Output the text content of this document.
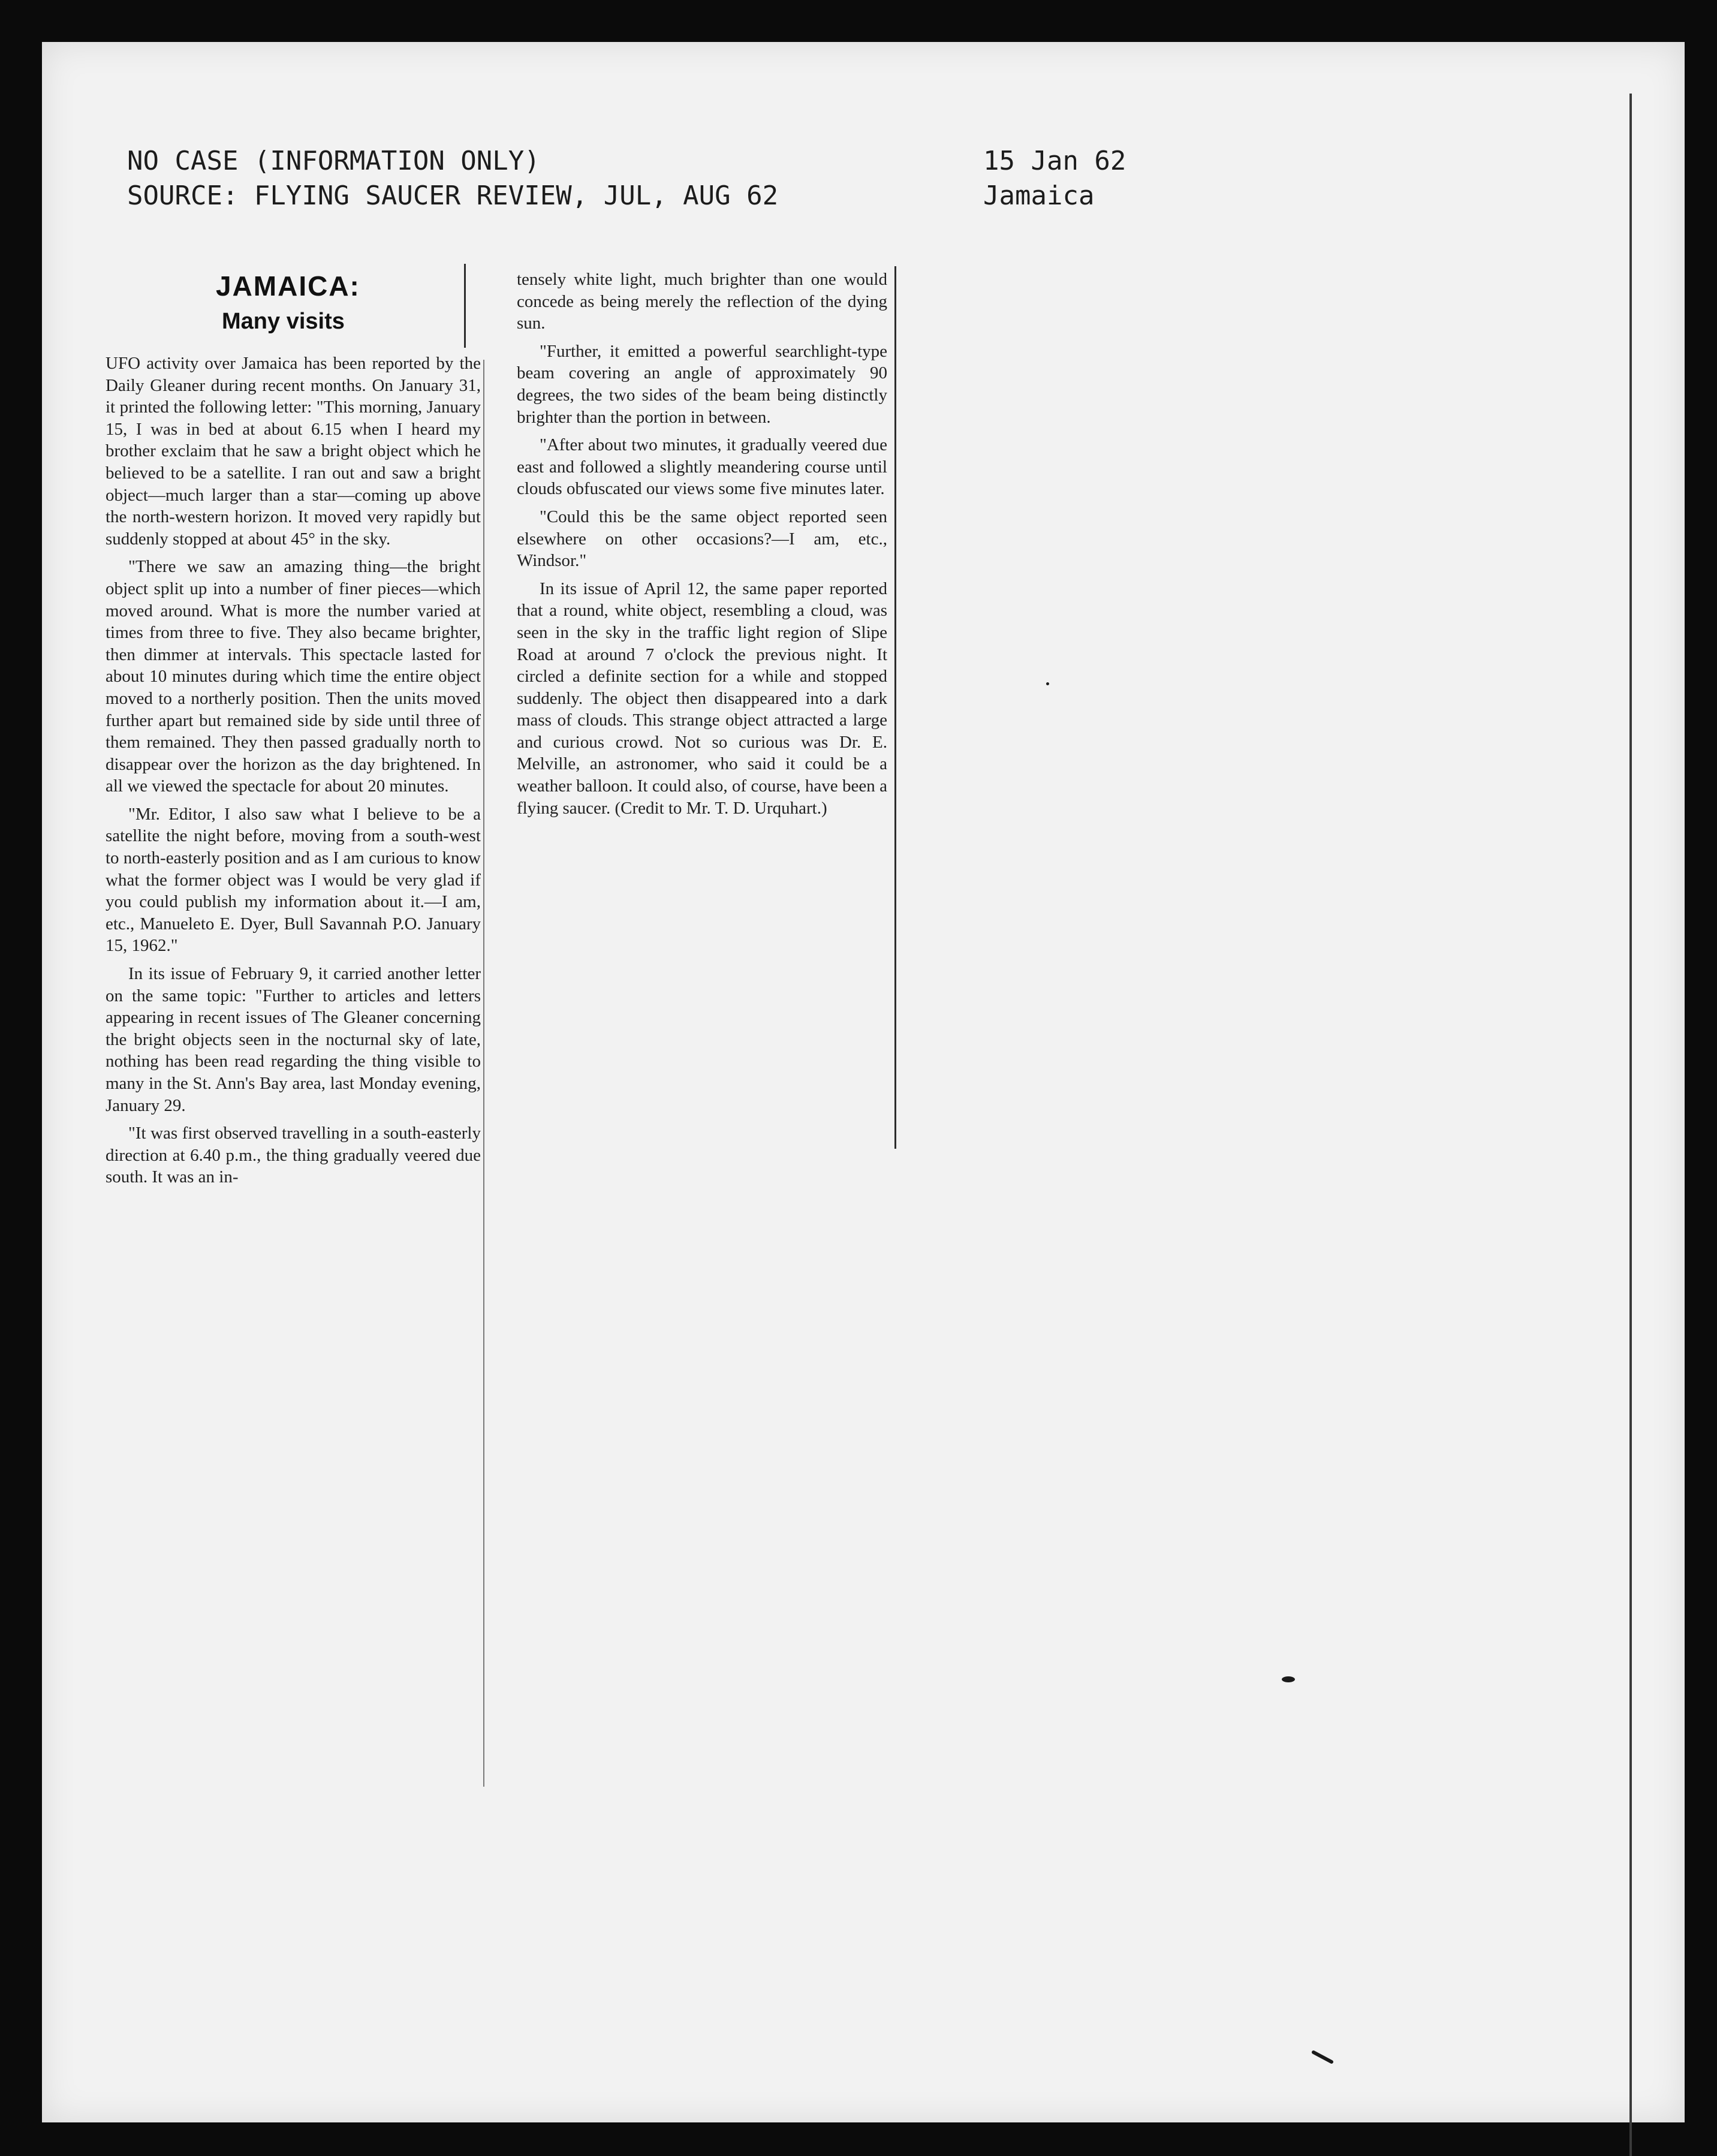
NO CASE (INFORMATION ONLY)
SOURCE: FLYING SAUCER REVIEW, JUL, AUG 62
15 Jan 62
Jamaica
JAMAICA:
Many visits

UFO activity over Jamaica has been reported by the Daily Gleaner during recent months. On January 31, it printed the following letter: "This morning, January 15, I was in bed at about 6.15 when I heard my brother exclaim that he saw a bright object which he believed to be a satellite. I ran out and saw a bright object—much larger than a star—coming up above the north-western horizon. It moved very rapidly but suddenly stopped at about 45° in the sky.

"There we saw an amazing thing—the bright object split up into a number of finer pieces—which moved around. What is more the number varied at times from three to five. They also became brighter, then dimmer at intervals. This spectacle lasted for about 10 minutes during which time the entire object moved to a northerly position. Then the units moved further apart but remained side by side until three of them remained. They then passed gradually north to disappear over the horizon as the day brightened. In all we viewed the spectacle for about 20 minutes.

"Mr. Editor, I also saw what I believe to be a satellite the night before, moving from a south-west to north-easterly position and as I am curious to know what the former object was I would be very glad if you could publish my information about it.—I am, etc., Manueleto E. Dyer, Bull Savannah P.O. January 15, 1962."

In its issue of February 9, it carried another letter on the same topic: "Further to articles and letters appearing in recent issues of The Gleaner concerning the bright objects seen in the nocturnal sky of late, nothing has been read regarding the thing visible to many in the St. Ann's Bay area, last Monday evening, January 29.

"It was first observed travelling in a south-easterly direction at 6.40 p.m., the thing gradually veered due south. It was an in-

tensely white light, much brighter than one would concede as being merely the reflection of the dying sun.

"Further, it emitted a powerful searchlight-type beam covering an angle of approximately 90 degrees, the two sides of the beam being distinctly brighter than the portion in between.

"After about two minutes, it gradually veered due east and followed a slightly meandering course until clouds obfuscated our views some five minutes later.

"Could this be the same object reported seen elsewhere on other occasions?—I am, etc., Windsor."

In its issue of April 12, the same paper reported that a round, white object, resembling a cloud, was seen in the sky in the traffic light region of Slipe Road at around 7 o'clock the previous night. It circled a definite section for a while and stopped suddenly. The object then disappeared into a dark mass of clouds. This strange object attracted a large and curious crowd. Not so curious was Dr. E. Melville, an astronomer, who said it could be a weather balloon. It could also, of course, have been a flying saucer. (Credit to Mr. T. D. Urquhart.)
